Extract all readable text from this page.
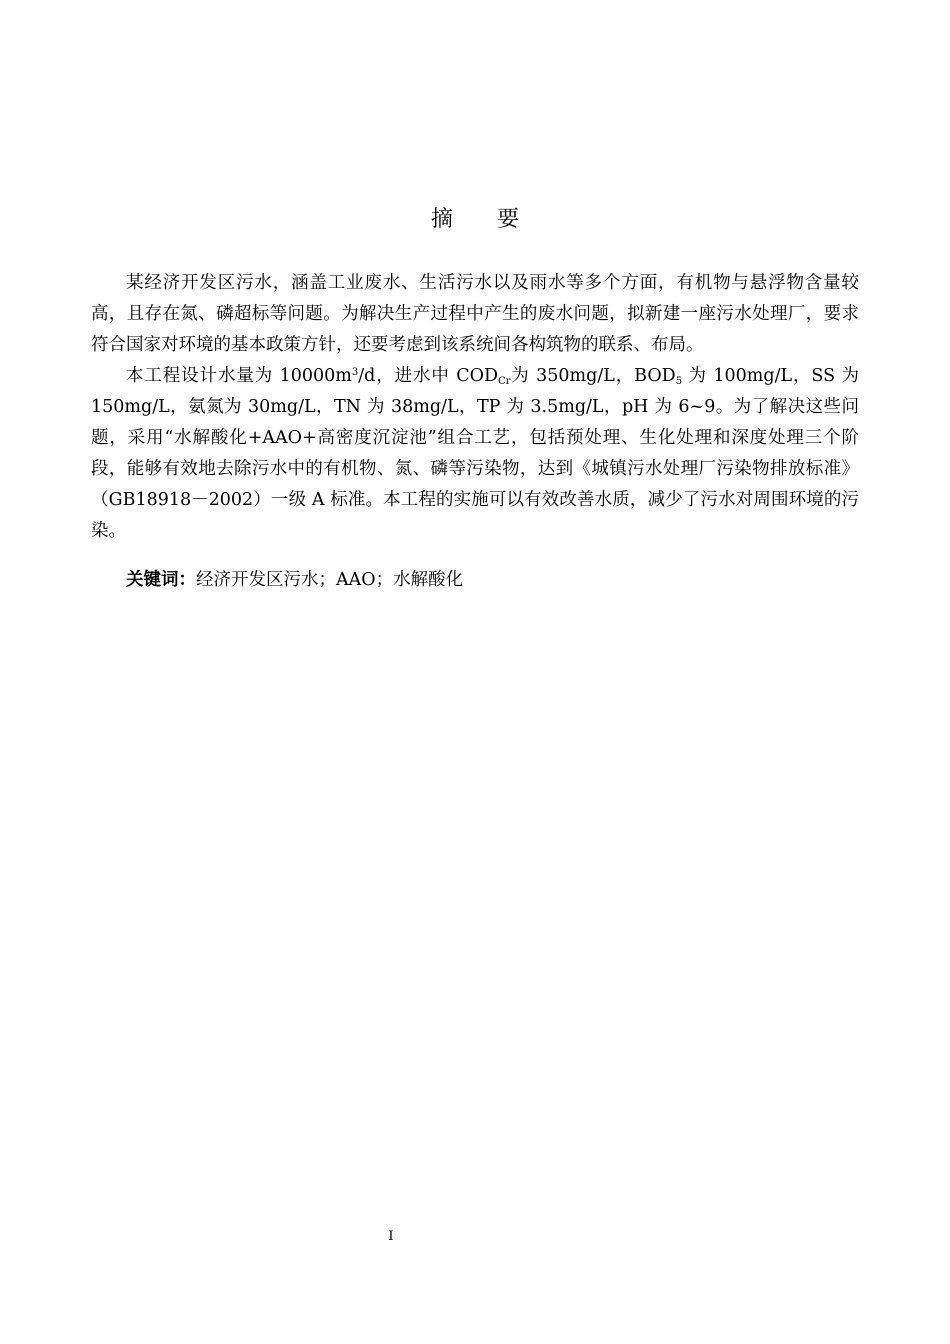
摘 要

某经济开发区污水，涵盖工业废水、生活污水以及雨水等多个方面，有机物与悬浮物含量较高，且存在氮、磷超标等问题。为解决生产过程中产生的废水问题，拟新建一座污水处理厂，要求符合国家对环境的基本政策方针，还要考虑到该系统间各构筑物的联系、布局。

本工程设计水量为 $10000m^3/d$，进水中 $COD_{Cr}$为 350mg/L，$BOD_5$ 为 100mg/L，SS 为 150mg/L，氨氮为 30mg/L，TN 为 38mg/L，TP 为 3.5mg/L，pH 为 6~9。为了解决这些问题，采用“水解酸化+AAO+高密度沉淀池”组合工艺，包括预处理、生化处理和深度处理三个阶段，能够有效地去除污水中的有机物、氮、磷等污染物，达到《城镇污水处理厂污染物排放标准》（GB18918－2002）一级 A 标准。本工程的实施可以有效改善水质，减少了污水对周围环境的污染。

关键词：经济开发区污水；AAO；水解酸化
I
